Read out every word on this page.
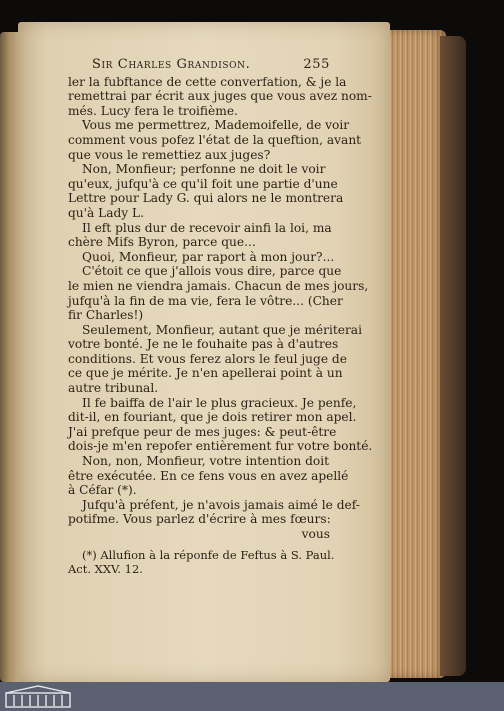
Sir Charles Grandison.	255
ler la fubftance de cette converfation, & je la
remettrai par écrit aux juges que vous avez nom-
més. Lucy fera le troifième.
Vous me permettrez, Mademoifelle, de voir
comment vous pofez l'état de la queftion, avant
que vous le remettiez aux juges?
Non, Monfieur; perfonne ne doit le voir
qu'eux, jufqu'à ce qu'il foit une partie d'une
Lettre pour Lady G. qui alors ne le montrera
qu'à Lady L.
Il eft plus dur de recevoir ainfi la loi, ma
chère Mifs Byron, parce que...
Quoi, Monfieur, par raport à mon jour?...
C'étoit ce que j'allois vous dire, parce que
le mien ne viendra jamais. Chacun de mes jours,
jufqu'à la fin de ma vie, fera le vôtre... (Cher
fir Charles!)
Seulement, Monfieur, autant que je mériterai
votre bonté. Je ne le fouhaite pas à d'autres
conditions. Et vous ferez alors le feul juge de
ce que je mérite. Je n'en apellerai point à un
autre tribunal.
Il fe baiffa de l'air le plus gracieux. Je penfe,
dit-il, en fouriant, que je dois retirer mon apel.
J'ai prefque peur de mes juges: & peut-être
dois-je m'en repofer entièrement fur votre bonté.
Non, non, Monfieur, votre intention doit
être exécutée. En ce fens vous en avez apellé
à Céfar (*).
Jufqu'à préfent, je n'avois jamais aimé le def-
potifme. Vous parlez d'écrire à mes fœurs:
vous
(*) Allufion à la réponfe de Feftus à S. Paul.
Act. XXV. 12.
